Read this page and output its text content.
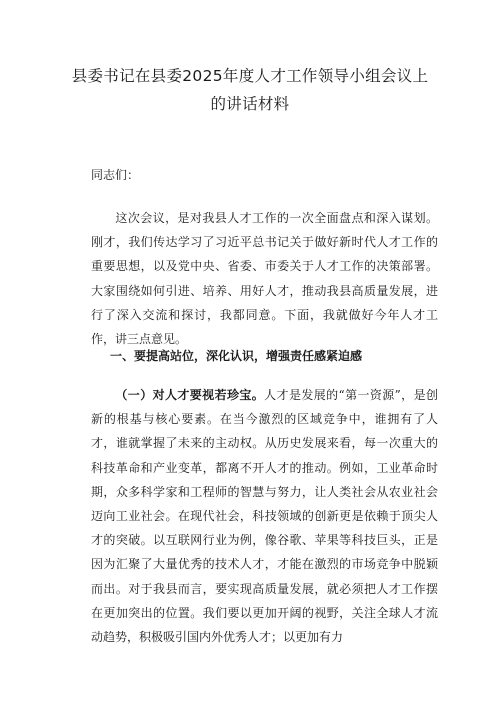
县委书记在县委2025年度人才工作领导小组会议上
的讲话材料
同志们：
这次会议，是对我县人才工作的一次全面盘点和深入谋划。刚才，我们传达学习了习近平总书记关于做好新时代人才工作的重要思想，以及党中央、省委、市委关于人才工作的决策部署。大家围绕如何引进、培养、用好人才，推动我县高质量发展，进行了深入交流和探讨，我都同意。下面，我就做好今年人才工作，讲三点意见。
一、要提高站位，深化认识，增强责任感紧迫感
（一）对人才要视若珍宝。人才是发展的“第一资源”，是创新的根基与核心要素。在当今激烈的区域竞争中，谁拥有了人才，谁就掌握了未来的主动权。从历史发展来看，每一次重大的科技革命和产业变革，都离不开人才的推动。例如，工业革命时期，众多科学家和工程师的智慧与努力，让人类社会从农业社会迈向工业社会。在现代社会，科技领域的创新更是依赖于顶尖人才的突破。以互联网行业为例，像谷歌、苹果等科技巨头，正是因为汇聚了大量优秀的技术人才，才能在激烈的市场竞争中脱颖而出。对于我县而言，要实现高质量发展，就必须把人才工作摆在更加突出的位置。我们要以更加开阔的视野，关注全球人才流动趋势，积极吸引国内外优秀人才；以更加有力
